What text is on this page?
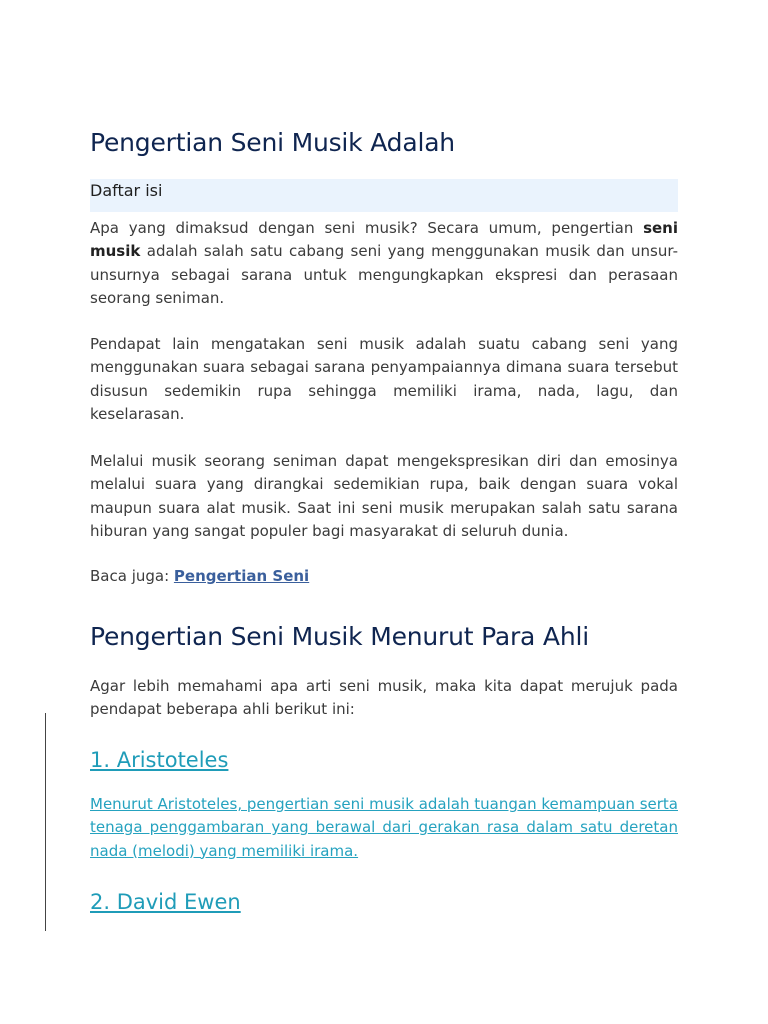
Pengertian Seni Musik Adalah
Daftar isi

Apa yang dimaksud dengan seni musik? Secara umum, pengertian seni musik adalah salah satu cabang seni yang menggunakan musik dan unsur-unsurnya sebagai sarana untuk mengungkapkan ekspresi dan perasaan seorang seniman.

Pendapat lain mengatakan seni musik adalah suatu cabang seni yang menggunakan suara sebagai sarana penyampaiannya dimana suara tersebut disusun sedemikin rupa sehingga memiliki irama, nada, lagu, dan keselarasan.

Melalui musik seorang seniman dapat mengekspresikan diri dan emosinya melalui suara yang dirangkai sedemikian rupa, baik dengan suara vokal maupun suara alat musik. Saat ini seni musik merupakan salah satu sarana hiburan yang sangat populer bagi masyarakat di seluruh dunia.

Baca juga: Pengertian Seni

Pengertian Seni Musik Menurut Para Ahli

Agar lebih memahami apa arti seni musik, maka kita dapat merujuk pada pendapat beberapa ahli berikut ini:

1. Aristoteles

Menurut Aristoteles, pengertian seni musik adalah tuangan kemampuan serta tenaga penggambaran yang berawal dari gerakan rasa dalam satu deretan nada (melodi) yang memiliki irama.

2. David Ewen
